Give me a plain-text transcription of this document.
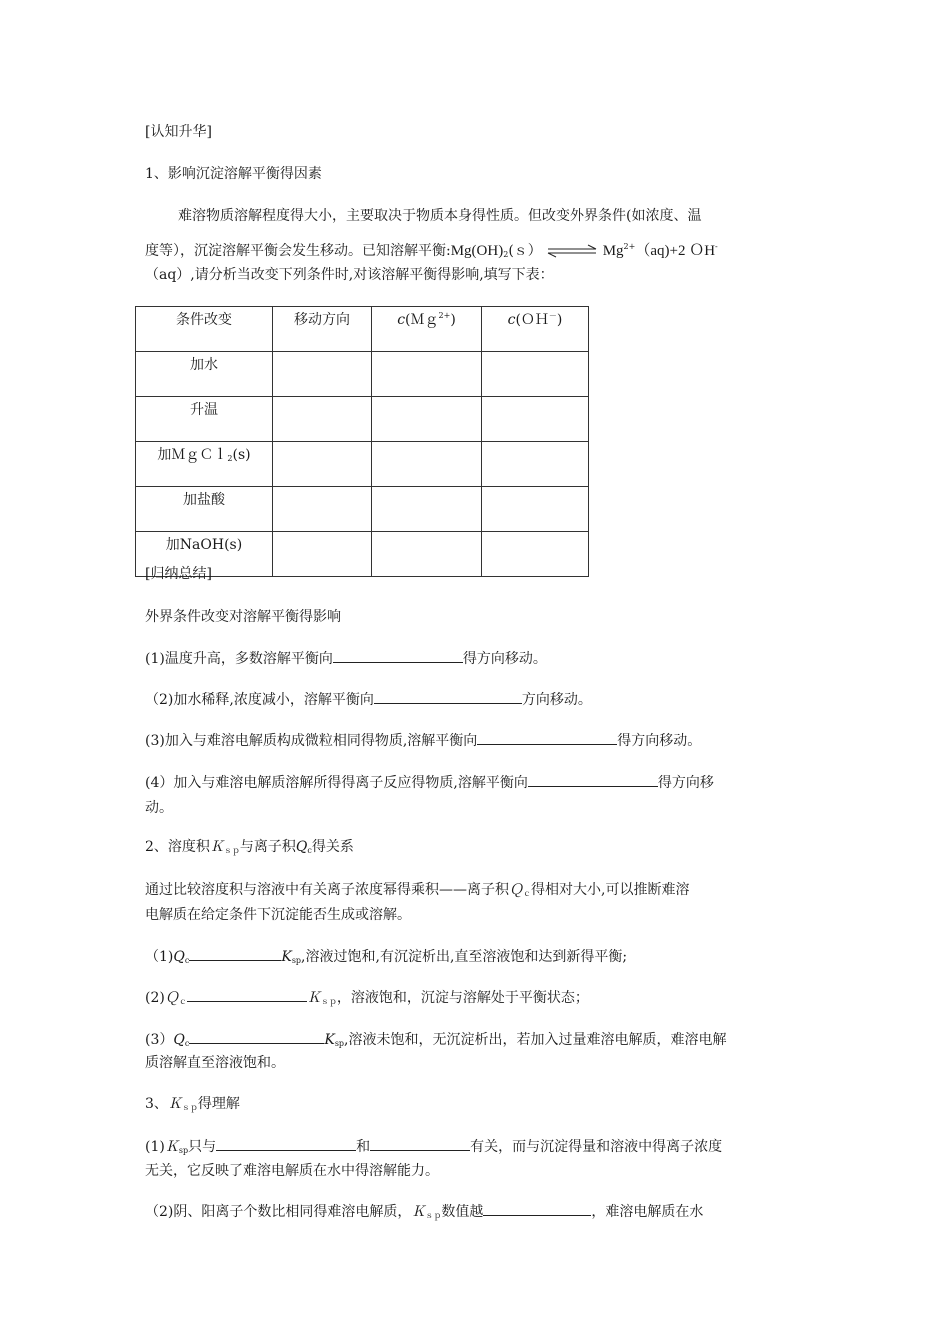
[认知升华]
1、影响沉淀溶解平衡得因素
难溶物质溶解程度得大小，主要取决于物质本身得性质。但改变外界条件(如浓度、温
度等），沉淀溶解平衡会发生移动。已知溶解平衡$:Mg(OH)_2(s)$ ⇌ $Mg^{2+}(aq)+2$ ＯH-
（aq）,请分析当改变下列条件时,对该溶解平衡得影响,填写下表：
条件改变	移动方向	c(Ｍｇ$^{2+}$)	c(ＯＨ－)
加水			
升温			
加ＭｇＣｌ$_2$(s)			
加盐酸			
加NaOH(s)			
[归纳总结]
外界条件改变对溶解平衡得影响
(1)温度升高，多数溶解平衡向	得方向移动。
（2)加水稀释,浓度减小，溶解平衡向	方向移动。
(3)加入与难溶电解质构成微粒相同得物质,溶解平衡向	得方向移动。
(4）加入与难溶电解质溶解所得得离子反应得物质,溶解平衡向	得方向移
动。
2、溶度积Ｋ$_{sp}$与离子积$Q_c$得关系
通过比较溶度积与溶液中有关离子浓度幂得乘积——离子积Ｑ$_c$得相对大小,可以推断难溶
电解质在给定条件下沉淀能否生成或溶解。
$(1)Q_c$	$K_{sp}$,溶液过饱和,有沉淀析出,直至溶液饱和达到新得平衡;
(2)Ｑ$_c$	Ｋ$_{sp}$，溶液饱和，沉淀与溶解处于平衡状态；
$(3)Q_c$	$K_{sp}$,溶液未饱和，无沉淀析出，若加入过量难溶电解质，难溶电解
质溶解直至溶液饱和。
3、Ｋ$_{sp}$得理解
(1)Ｋ$_{sp}$只与	和	有关，而与沉淀得量和溶液中得离子浓度
无关，它反映了难溶电解质在水中得溶解能力。
（2)阴、阳离子个数比相同得难溶电解质，Ｋ$_{sp}$数值越	，难溶电解质在水
